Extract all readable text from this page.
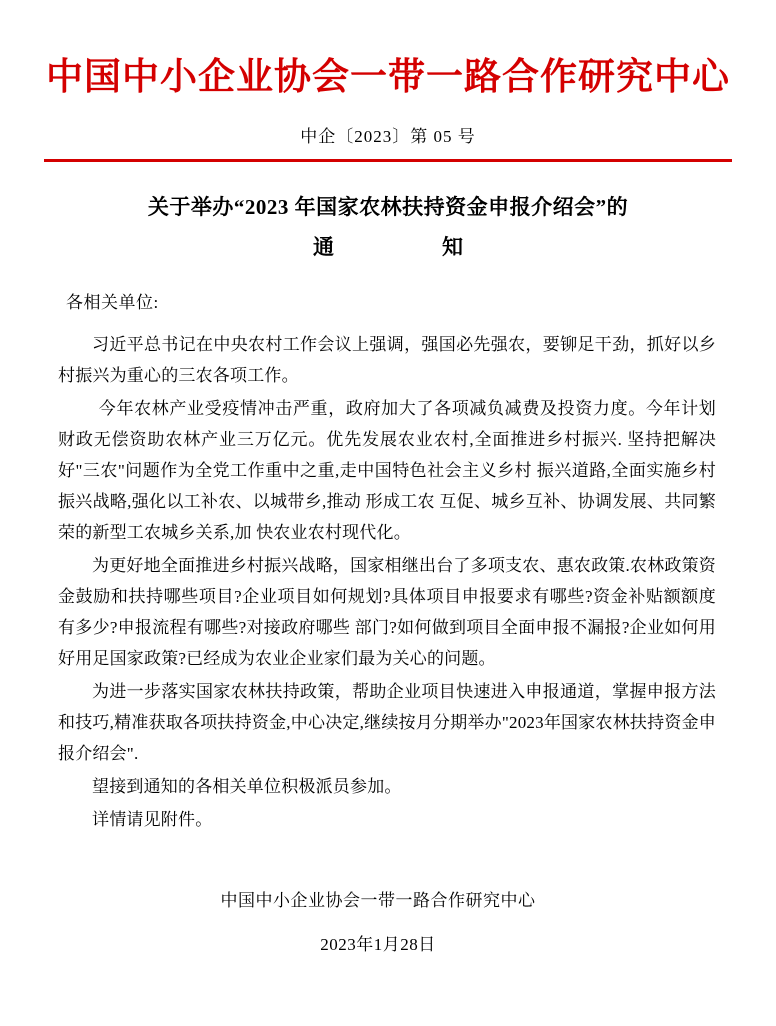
中国中小企业协会一带一路合作研究中心
中企〔2023〕第 05 号
关于举办“2023 年国家农林扶持资金申报介绍会”的
通　　知
各相关单位:

习近平总书记在中央农村工作会议上强调，强国必先强农，要铆足干劲，抓好以乡村振兴为重心的三农各项工作。

今年农林产业受疫情冲击严重，政府加大了各项减负减费及投资力度。今年计划财政无偿资助农林产业三万亿元。优先发展农业农村,全面推进乡村振兴. 坚持把解决好"三农"问题作为全党工作重中之重,走中国特色社会主义乡村 振兴道路,全面实施乡村振兴战略,强化以工补农、以城带乡,推动 形成工农 互促、城乡互补、协调发展、共同繁荣的新型工农城乡关系,加 快农业农村现代化。

为更好地全面推进乡村振兴战略，国家相继出台了多项支农、惠农政策.农林政策资金鼓励和扶持哪些项目?企业项目如何规划?具体项目申报要求有哪些?资金补贴额额度有多少?申报流程有哪些?对接政府哪些 部门?如何做到项目全面申报不漏报?企业如何用好用足国家政策?已经成为农业企业家们最为关心的问题。

为进一步落实国家农林扶持政策，帮助企业项目快速进入申报通道，掌握申报方法和技巧,精准获取各项扶持资金,中心决定,继续按月分期举办"2023年国家农林扶持资金申报介绍会".

望接到通知的各相关单位积极派员参加。

详情请见附件。

中国中小企业协会一带一路合作研究中心
2023年1月28日
